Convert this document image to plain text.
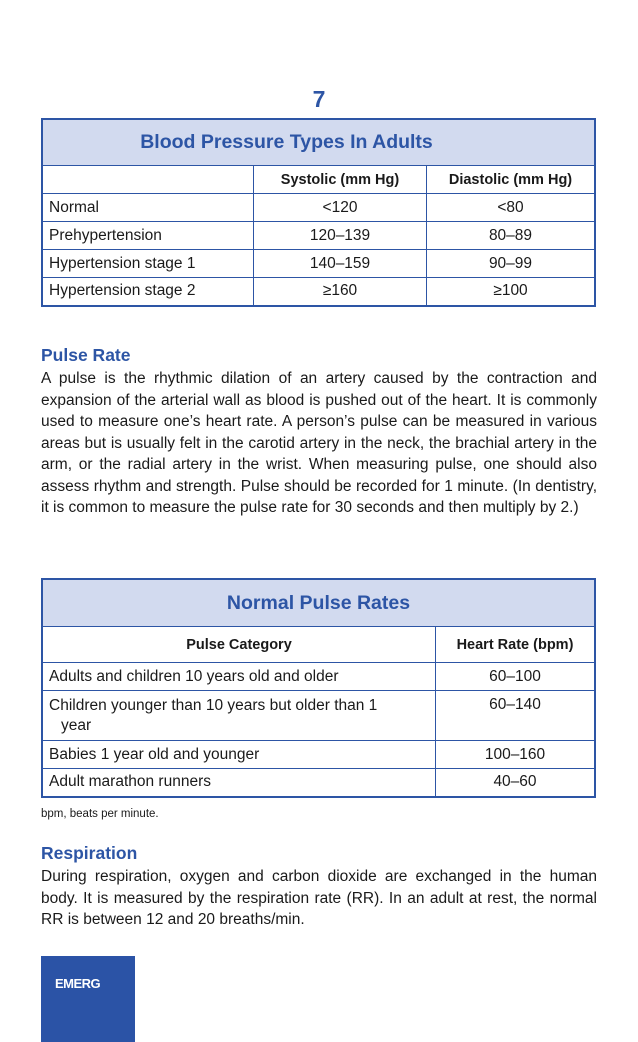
7
Blood Pressure Types In Adults		
	Systolic (mm Hg)	Diastolic (mm Hg)
Normal	<120	<80
Prehypertension	120–139	80–89
Hypertension stage 1	140–159	90–99
Hypertension stage 2	≥160	≥100
Pulse Rate
A pulse is the rhythmic dilation of an artery caused by the contraction and expansion of the arterial wall as blood is pushed out of the heart. It is commonly used to measure one’s heart rate. A person’s pulse can be measured in various areas but is usually felt in the carotid artery in the neck, the brachial artery in the arm, or the radial artery in the wrist. When measuring pulse, one should also assess rhythm and strength. Pulse should be recorded for 1 minute. (In dentistry, it is common to measure the pulse rate for 30 seconds and then multiply by 2.)
Normal Pulse Rates	
Pulse Category	Heart Rate (bpm)
Adults and children 10 years old and older	60–100
Children younger than 10 years but older than 1 year	60–140
Babies 1 year old and younger	100–160
Adult marathon runners	40–60
bpm, beats per minute.
Respiration
During respiration, oxygen and carbon dioxide are exchanged in the human body. It is measured by the respiration rate (RR). In an adult at rest, the normal RR is between 12 and 20 breaths/min.
EMERG
